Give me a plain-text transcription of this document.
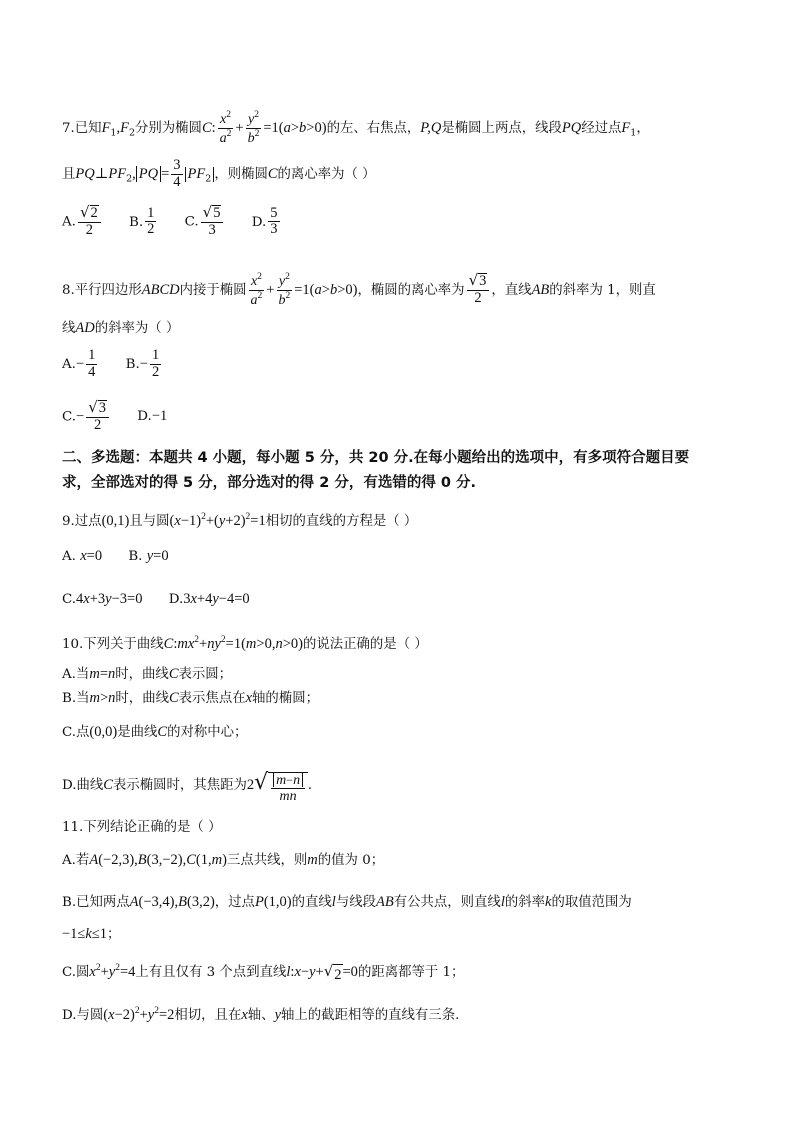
7.已知$F_1,F_2$分别为椭圆C: $\frac{x^2}{a^2} + \frac{y^2}{b^2} =1(a>b>0)$的左、右焦点，P,Q是椭圆上两点，线段PQ经过点$F_1$，
且$PQ\perp PF_2$, PQ = $\frac{3}{4} PF_2$ ，则椭圆C的离心率为（ ）
A. $\frac{√ 2}{2} B$. $\frac{1}{2} C$. $\frac{√ 5}{3} D$. $\frac{5}{3}$
8.平行四边形ABCD内接于椭圆 $\frac{x^2}{a^2} + \frac{y^2}{b^2} =1(a>b>0)$，椭圆的离心率为 $\frac{√ 3}{2}$ ，直线AB的斜率为 1，则直
线AD的斜率为（ ）
$A.- \frac{1}{4} B.- \frac{1}{2}$
$C.- \frac{√ 3}{2} D.-1$
二、多选题：本题共 4 小题，每小题 5 分，共 20 分.在每小题给出的选项中，有多项符合题目要
求，全部选对的得 5 分，部分选对的得 2 分，有选错的得 0 分.
9.过点(0,1)且与圆$(x-1)^2+(y+2)^2=1$相切的直线的方程是（ ）
A. x=0 B. y=0
C.4x+3y−3=0 D.3x+4y−4=0
10.下列关于曲线$C:mx^2+ny^2=1(m>0,n>0)$的说法正确的是（ ）
A.当m=n时，曲线C表示圆；
B.当m>n时，曲线C表示焦点在x轴的椭圆；
C.点(0,0)是曲线C的对称中心；
D.曲线C表示椭圆时，其焦距为2 √ $\frac{m-n}{mn}$ .
11.下列结论正确的是（ ）
A.若A(−2,3),B(3,−2),C(1,m)三点共线，则m的值为 0；
B.已知两点A(−3,4),B(3,2)，过点P(1,0)的直线l与线段AB有公共点，则直线l的斜率k的取值范围为
−1≤k≤1；
C.圆$x^2+y^2=4$上有且仅有 3 个点到直线l:x−y+ √ 2 =0的距离都等于 1；
D.与圆$(x-2)^2+y^2=2$相切，且在x轴、y轴上的截距相等的直线有三条.
